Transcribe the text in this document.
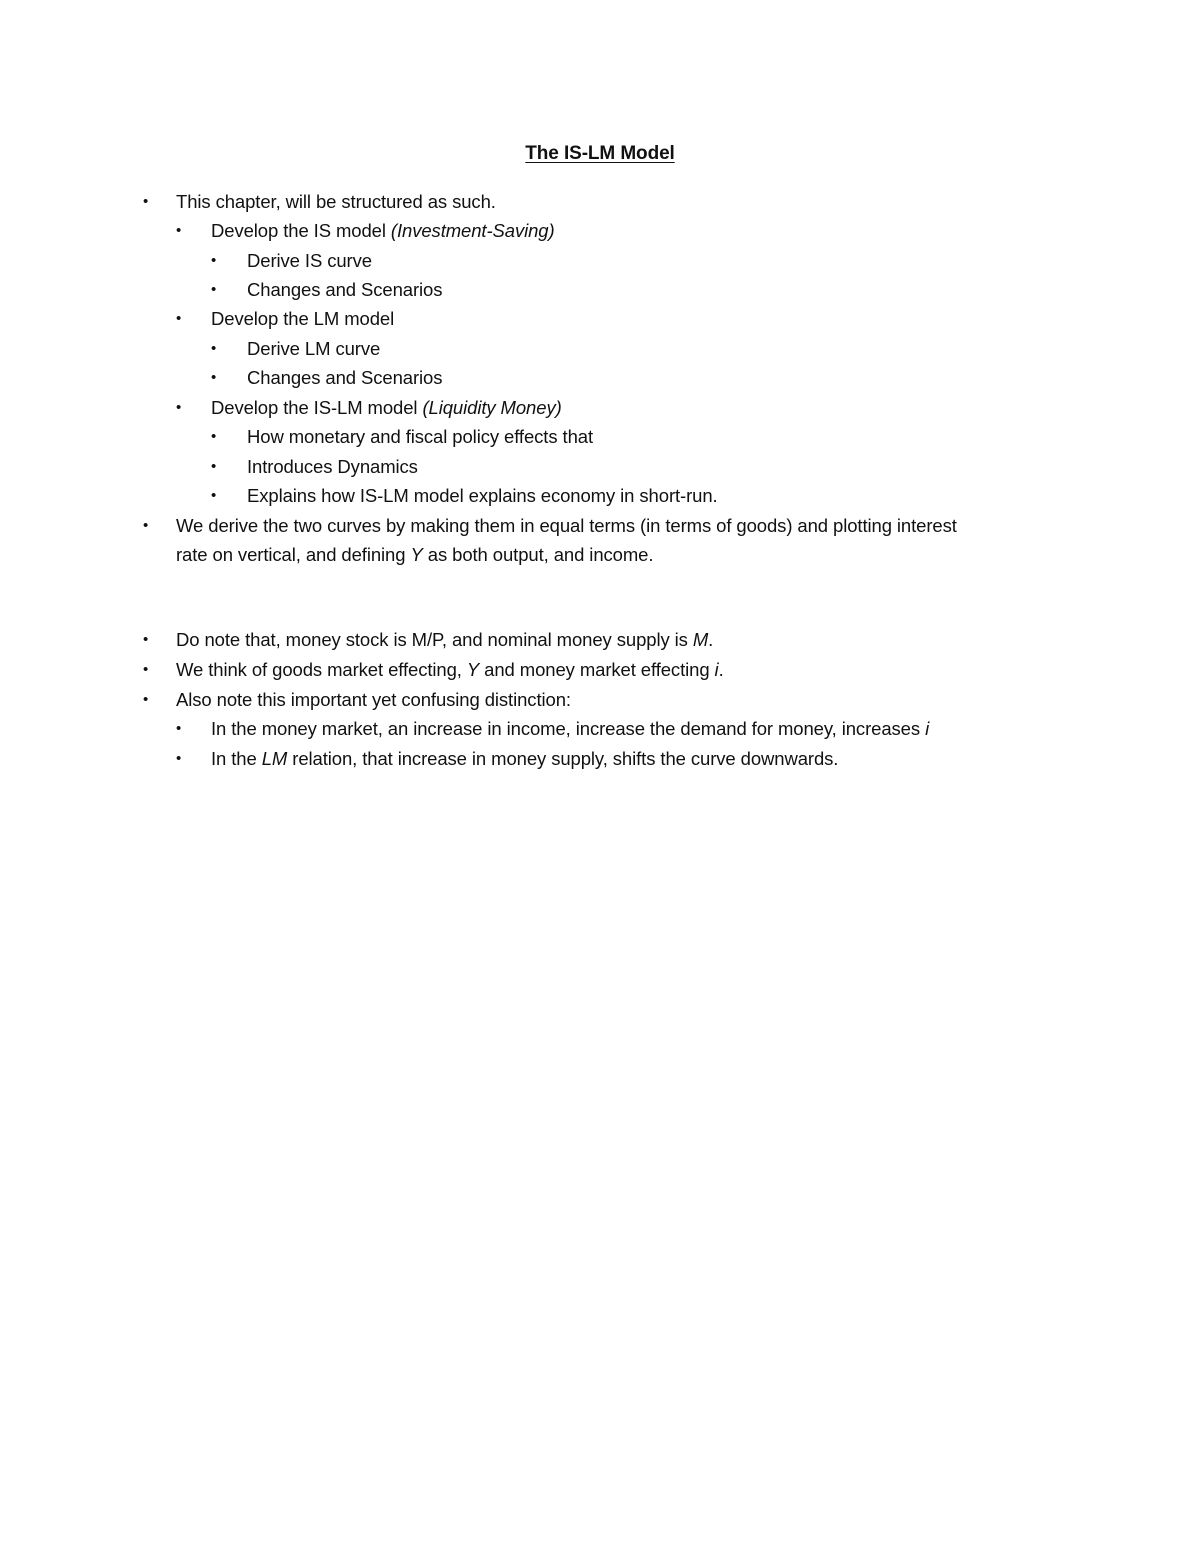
The IS-LM Model
• This chapter, will be structured as such.
• Develop the IS model (Investment-Saving)
• Derive IS curve
• Changes and Scenarios
• Develop the LM model
• Derive LM curve
• Changes and Scenarios
• Develop the IS-LM model (Liquidity Money)
• How monetary and fiscal policy effects that
• Introduces Dynamics
• Explains how IS-LM model explains economy in short-run.
• We derive the two curves by making them in equal terms (in terms of goods) and plotting interest
rate on vertical, and defining Y as both output, and income.
• Do note that, money stock is M/P, and nominal money supply is M.
• We think of goods market effecting, Y and money market effecting i.
• Also note this important yet confusing distinction:
• In the money market, an increase in income, increase the demand for money, increases i
• In the LM relation, that increase in money supply, shifts the curve downwards.
